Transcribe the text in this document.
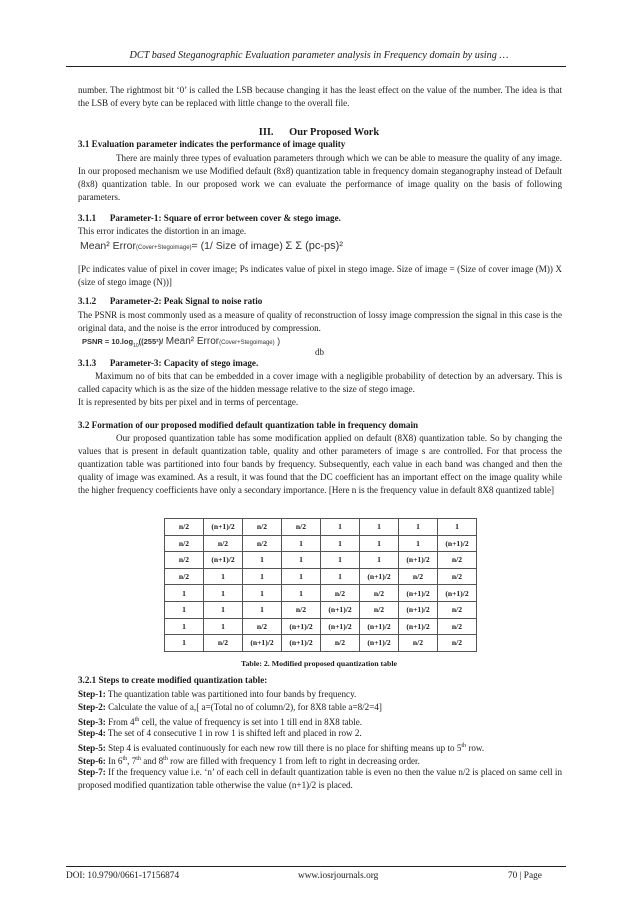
DCT based Steganographic Evaluation parameter analysis in Frequency domain by using …
number. The rightmost bit ‘0’ is called the LSB because changing it has the least effect on the value of the number. The idea is that the LSB of every byte can be replaced with little change to the overall file.
III. Our Proposed Work
3.1 Evaluation parameter indicates the performance of image quality
There are mainly three types of evaluation parameters through which we can be able to measure the quality of any image. In our proposed mechanism we use Modified default (8x8) quantization table in frequency domain steganography instead of Default (8x8) quantization table. In our proposed work we can evaluate the performance of image quality on the basis of following parameters.
3.1.1 Parameter-1: Square of error between cover & stego image.
This error indicates the distortion in an image.
Mean² Error(Cover+Stegoimage)= (1/ Size of image) Σ Σ (pc-ps)²
[Pc indicates value of pixel in cover image; Ps indicates value of pixel in stego image. Size of image = (Size of cover image (M)) X (size of stego image (N))]
3.1.2 Parameter-2: Peak Signal to noise ratio
The PSNR is most commonly used as a measure of quality of reconstruction of lossy image compression the signal in this case is the original data, and the noise is the error introduced by compression.
PSNR = $10.\log_{10}((255^2)/$ Mean² Error(Cover+Stegoimage) )
db
3.1.3 Parameter-3: Capacity of stego image.
Maximum no of bits that can be embedded in a cover image with a negligible probability of detection by an adversary. This is called capacity which is as the size of the hidden message relative to the size of stego image.
It is represented by bits per pixel and in terms of percentage.
3.2 Formation of our proposed modified default quantization table in frequency domain
Our proposed quantization table has some modification applied on default (8X8) quantization table. So by changing the values that is present in default quantization table, quality and other parameters of image s are controlled. For that process the quantization table was partitioned into four bands by frequency. Subsequently, each value in each band was changed and then the quality of image was examined. As a result, it was found that the DC coefficient has an important effect on the image quality while the higher frequency coefficients have only a secondary importance. [Here n is the frequency value in default 8X8 quantized table]
n/2	(n+1)/2	n/2	n/2	1	1	1	1
n/2	n/2	n/2	1	1	1	1	(n+1)/2
n/2	(n+1)/2	1	1	1	1	(n+1)/2	n/2
n/2	1	1	1	1	(n+1)/2	n/2	n/2
1	1	1	1	n/2	n/2	(n+1)/2	(n+1)/2
1	1	1	n/2	(n+1)/2	n/2	(n+1)/2	n/2
1	1	n/2	(n+1)/2	(n+1)/2	(n+1)/2	(n+1)/2	n/2
1	n/2	(n+1)/2	(n+1)/2	n/2	(n+1)/2	n/2	n/2
Table: 2. Modified proposed quantization table
3.2.1 Steps to create modified quantization table:
Step-1: The quantization table was partitioned into four bands by frequency.
Step-2: Calculate the value of a,[ a=(Total no of column/2), for 8X8 table a=8/2=4]
Step-3: From 4th cell, the value of frequency is set into 1 till end in 8X8 table.
Step-4: The set of 4 consecutive 1 in row 1 is shifted left and placed in row 2.
Step-5: Step 4 is evaluated continuously for each new row till there is no place for shifting means up to 5th row.
Step-6: In 6th, 7th and 8th row are filled with frequency 1 from left to right in decreasing order.
Step-7: If the frequency value i.e. ‘n’ of each cell in default quantization table is even no then the value n/2 is placed on same cell in proposed modified quantization table otherwise the value (n+1)/2 is placed.
DOI: 10.9790/0661-17156874	www.iosrjournals.org	70 | Page
